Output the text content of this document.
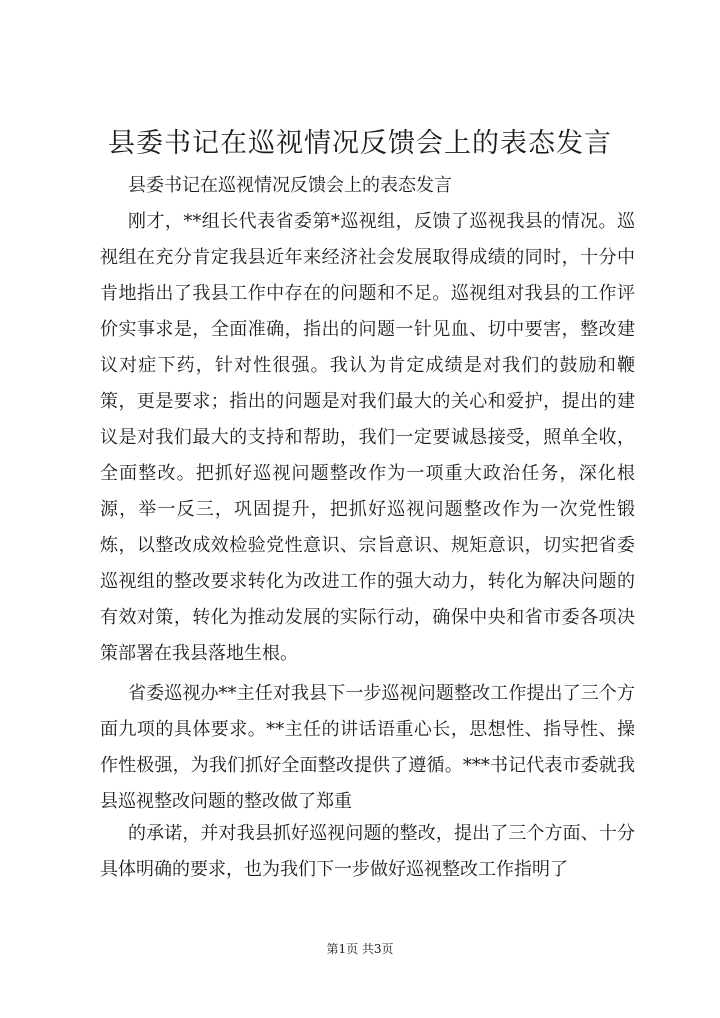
县委书记在巡视情况反馈会上的表态发言
县委书记在巡视情况反馈会上的表态发言
刚才，**组长代表省委第*巡视组，反馈了巡视我县的情况。巡视组在充分肯定我县近年来经济社会发展取得成绩的同时，十分中肯地指出了我县工作中存在的问题和不足。巡视组对我县的工作评价实事求是，全面准确，指出的问题一针见血、切中要害，整改建议对症下药，针对性很强。我认为肯定成绩是对我们的鼓励和鞭策，更是要求；指出的问题是对我们最大的关心和爱护，提出的建议是对我们最大的支持和帮助，我们一定要诚恳接受，照单全收，全面整改。把抓好巡视问题整改作为一项重大政治任务，深化根源，举一反三，巩固提升，把抓好巡视问题整改作为一次党性锻炼，以整改成效检验党性意识、宗旨意识、规矩意识，切实把省委巡视组的整改要求转化为改进工作的强大动力，转化为解决问题的有效对策，转化为推动发展的实际行动，确保中央和省市委各项决策部署在我县落地生根。
省委巡视办**主任对我县下一步巡视问题整改工作提出了三个方面九项的具体要求。**主任的讲话语重心长，思想性、指导性、操作性极强，为我们抓好全面整改提供了遵循。***书记代表市委就我县巡视整改问题的整改做了郑重
的承诺，并对我县抓好巡视问题的整改，提出了三个方面、十分具体明确的要求，也为我们下一步做好巡视整改工作指明了
第1页 共3页
